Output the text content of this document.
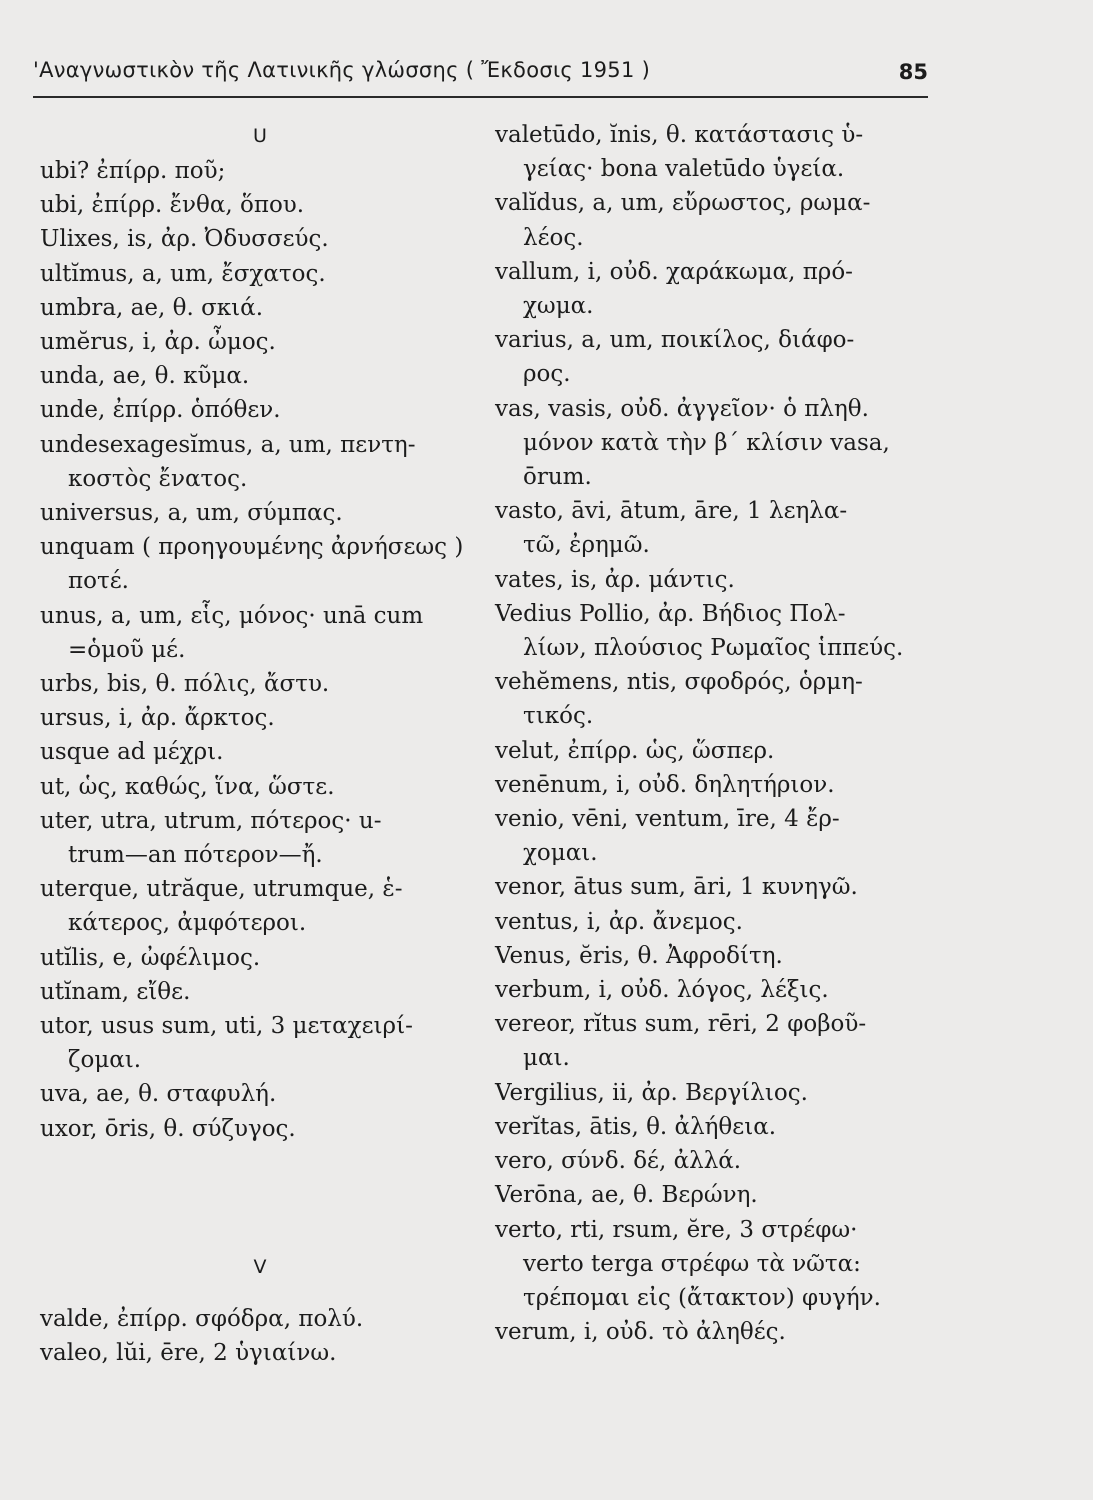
'Αναγνωστικὸν τῆς Λατινικῆς γλώσσης ( Ἔκδοσις 1951 )	85
U
ubi? ἐπίρρ. ποῦ;
ubi, ἐπίρρ. ἔνθα, ὅπου.
Ulixes, is, ἀρ. Ὀδυσσεύς.
ultĭmus, a, um, ἔσχατος.
umbra, ae, θ. σκιά.
umĕrus, i, ἀρ. ὦμος.
unda, ae, θ. κῦμα.
unde, ἐπίρρ. ὁπόθεν.
undesexagesĭmus, a, um, πεντη-
κοστὸς ἔνατος.
universus, a, um, σύμπας.
unquam ( προηγουμένης ἀρνήσεως )
ποτέ.
unus, a, um, εἷς, μόνος· unā cum
=ὁμοῦ μέ.
urbs, bis, θ. πόλις, ἄστυ.
ursus, i, ἀρ. ἄρκτος.
usque ad μέχρι.
ut, ὡς, καθώς, ἵνα, ὥστε.
uter, utra, utrum, πότερος· u-
trum—an πότερον—ἤ.
uterque, utrăque, utrumque, ἑ-
κάτερος, ἀμφότεροι.
utĭlis, e, ὠφέλιμος.
utĭnam, εἴθε.
utor, usus sum, uti, 3 μεταχειρί-
ζομαι.
uva, ae, θ. σταφυλή.
uxor, ōris, θ. σύζυγος.
V
valde, ἐπίρρ. σφόδρα, πολύ.
valeo, lŭi, ēre, 2 ὑγιαίνω.
valetūdo, ĭnis, θ. κατάστασις ὑ-
γείας· bona valetūdo ὑγεία.
valĭdus, a, um, εὔρωστος, ρωμα-
λέος.
vallum, i, οὐδ. χαράκωμα, πρό-
χωμα.
varius, a, um, ποικίλος, διάφο-
ρος.
vas, vasis, οὐδ. ἀγγεῖον· ὁ πληθ.
μόνον κατὰ τὴν β΄ κλίσιν vasa,
ōrum.
vasto, āvi, ātum, āre, 1 λεηλα-
τῶ, ἐρημῶ.
vates, is, ἀρ. μάντις.
Vedius Pollio, ἀρ. Βήδιος Πολ-
λίων, πλούσιος Ρωμαῖος ἱππεύς.
vehĕmens, ntis, σφοδρός, ὁρμη-
τικός.
velut, ἐπίρρ. ὡς, ὥσπερ.
venēnum, i, οὐδ. δηλητήριον.
venio, vēni, ventum, īre, 4 ἔρ-
χομαι.
venor, ātus sum, āri, 1 κυνηγῶ.
ventus, i, ἀρ. ἄνεμος.
Venus, ĕris, θ. Ἀφροδίτη.
verbum, i, οὐδ. λόγος, λέξις.
vereor, rĭtus sum, rēri, 2 φοβοῦ-
μαι.
Vergilius, ii, ἀρ. Βεργίλιος.
verĭtas, ātis, θ. ἀλήθεια.
vero, σύνδ. δέ, ἀλλά.
Verōna, ae, θ. Βερώνη.
verto, rti, rsum, ĕre, 3 στρέφω·
verto terga στρέφω τὰ νῶτα:
τρέπομαι εἰς (ἄτακτον) φυγήν.
verum, i, οὐδ. τὸ ἀληθές.
